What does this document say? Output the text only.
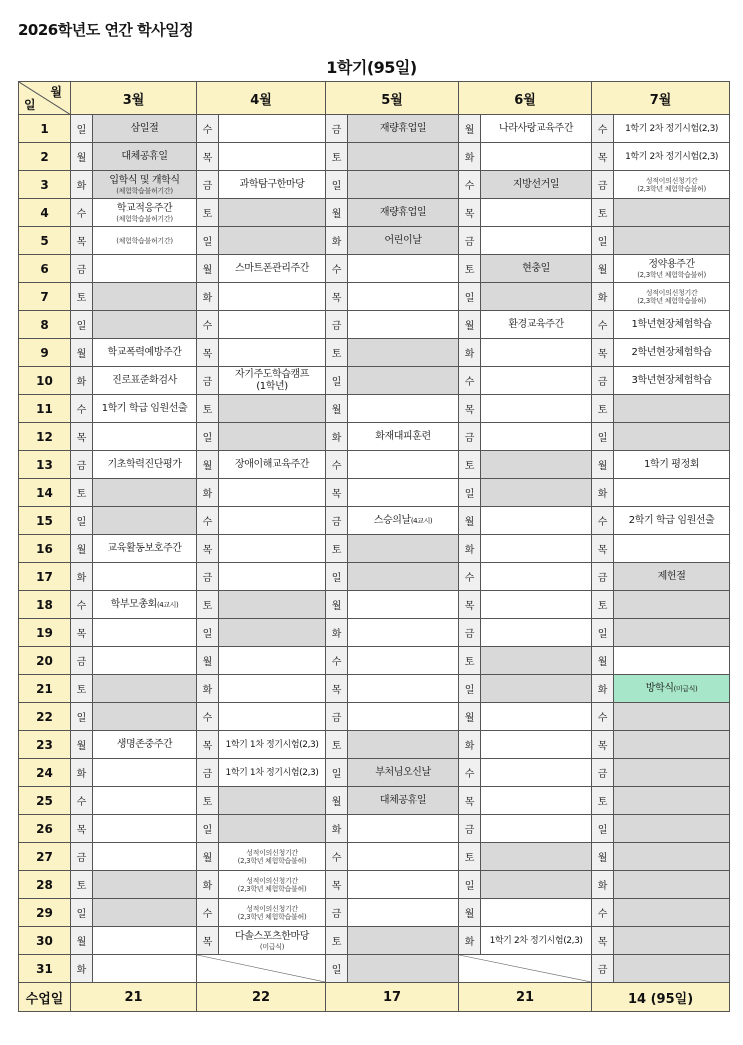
2026학년도 연간 학사일정
1학기(95일)
월
일	3월		4월		5월		6월		7월	
1	일	삼일절	수		금	재량휴업일	월	나라사랑교육주간	수	1학기 2차 정기시험(2,3)

2	월	대체공휴일	목		토		화		목	1학기 2차 정기시험(2,3)

3	화	입학식 및 개학식
(체험학습불허기간)	금	과학탐구한마당	일		수	지방선거일	금	성적이의신청기간
(2,3학년 체험학습불허)

4	수	학교적응주간
(체험학습불허기간)	토		월	재량휴업일	목		토	
5	목	(체험학습불허기간)	일		화	어린이날	금		일	
6	금		월	스마트폰관리주간	수		토	현충일	월	정약용주간
(2,3학년 체험학습불허)

7	토		화		목		일		화	성적이의신청기간
(2,3학년 체험학습불허)

8	일		수		금		월	환경교육주간	수	1학년현장체험학습

9	월	학교폭력예방주간	목		토		화		목	2학년현장체험학습

10	화	진로표준화검사	금	자기주도학습캠프
(1학년)	일		수		금	3학년현장체험학습

11	수	1학기 학급 임원선출	토		월		목		토	
12	목		일		화	화재대피훈련	금		일	
13	금	기초학력진단평가	월	장애이해교육주간	수		토		월	1학기 평정회

14	토		화		목		일		화	
15	일		수		금	스승의날(4교시)	월		수	2학기 학급 임원선출

16	월	교육활동보호주간	목		토		화		목	
17	화		금		일		수		금	제헌절

18	수	학부모총회(4교시)	토		월		목		토	
19	목		일		화		금		일	
20	금		월		수		토		월	
21	토		화		목		일		화	방학식(미급식)

22	일		수		금		월		수	
23	월	생명존중주간	목	1학기 1차 정기시험(2,3)	토		화		목	
24	화		금	1학기 1차 정기시험(2,3)	일	부처님오신날	수		금	
25	수		토		월	대체공휴일	목		토	
26	목		일		화		금		일	
27	금		월	성적이의신청기간
(2,3학년 체험학습불허)	수		토		월	
28	토		화	성적이의신청기간
(2,3학년 체험학습불허)	목		일		화	
29	일		수	성적이의신청기간
(2,3학년 체험학습불허)	금		월		수	
30	월		목	다솔스포츠한마당
(미급식)	토		화	1학기 2차 정기시험(2,3)	목	
31	화				일				금	
수업일	21		22		17		21		14 (95일)	
